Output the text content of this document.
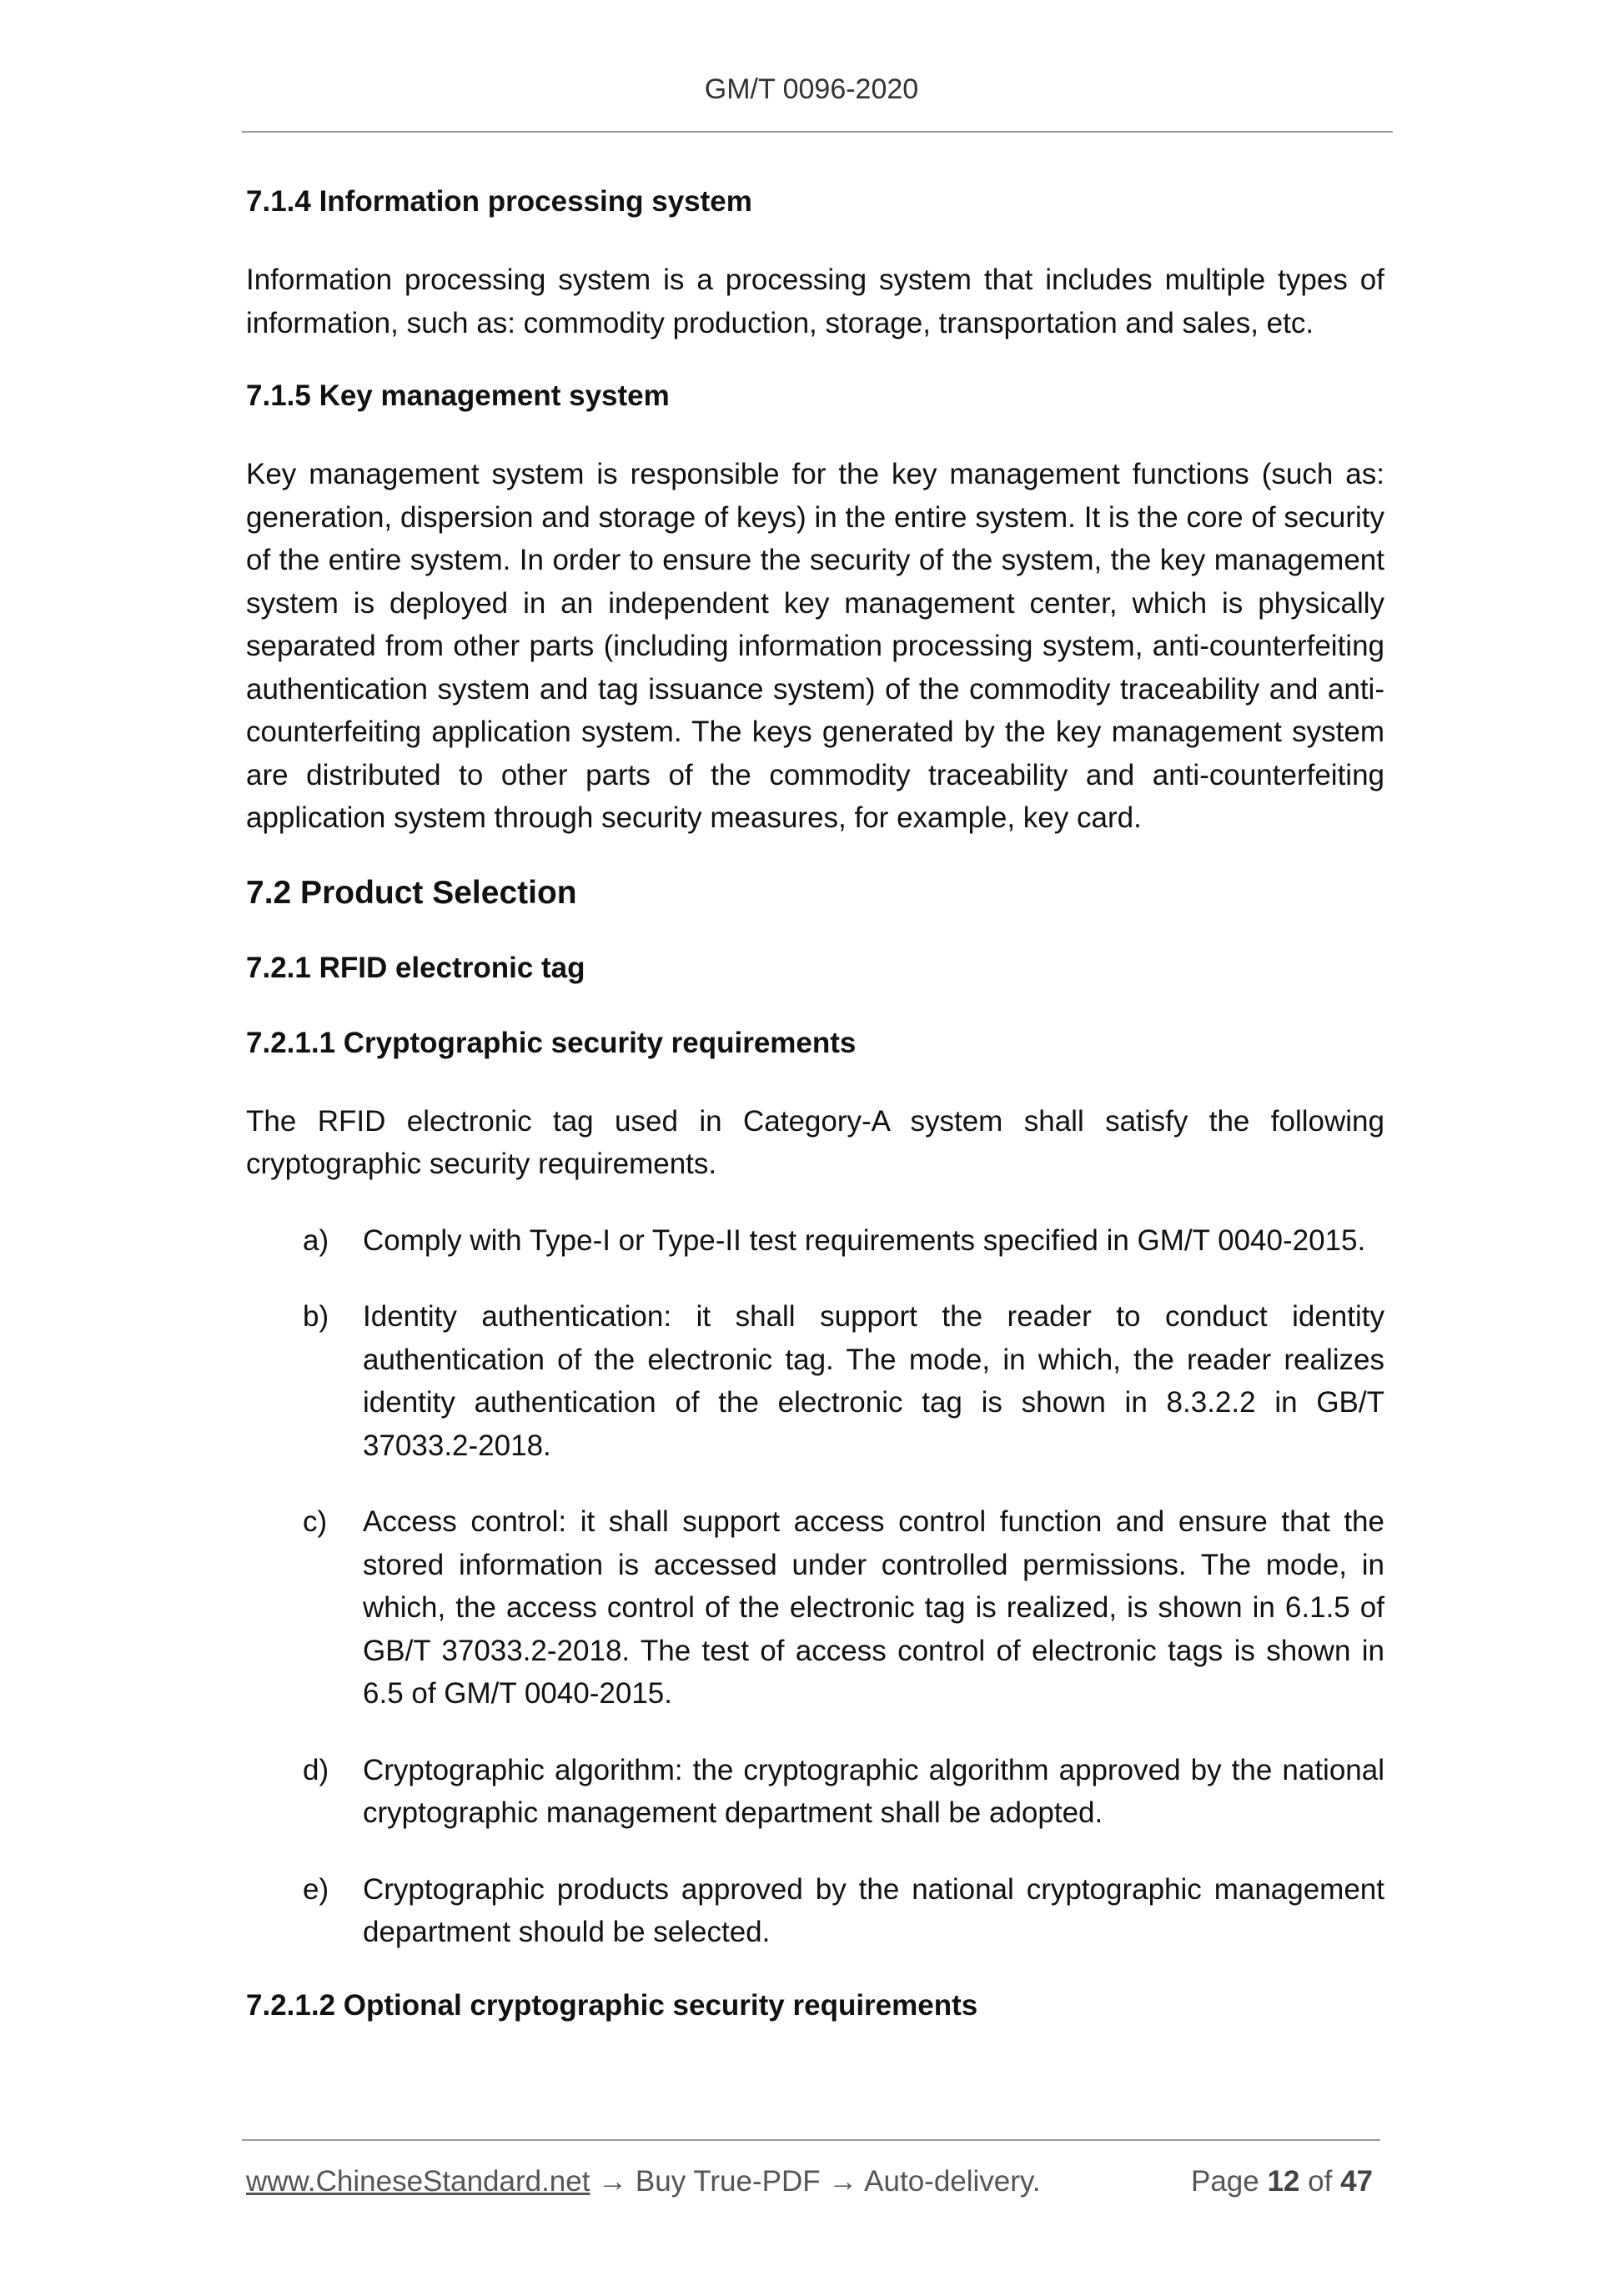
GM/T 0096-2020
7.1.4 Information processing system
Information processing system is a processing system that includes multiple types of information, such as: commodity production, storage, transportation and sales, etc.
7.1.5 Key management system
Key management system is responsible for the key management functions (such as: generation, dispersion and storage of keys) in the entire system. It is the core of security of the entire system. In order to ensure the security of the system, the key management system is deployed in an independent key management center, which is physically separated from other parts (including information processing system, anti-counterfeiting authentication system and tag issuance system) of the commodity traceability and anti-counterfeiting application system. The keys generated by the key management system are distributed to other parts of the commodity traceability and anti-counterfeiting application system through security measures, for example, key card.
7.2 Product Selection
7.2.1 RFID electronic tag
7.2.1.1 Cryptographic security requirements
The RFID electronic tag used in Category-A system shall satisfy the following cryptographic security requirements.
a) Comply with Type-I or Type-II test requirements specified in GM/T 0040-2015.
b) Identity authentication: it shall support the reader to conduct identity authentication of the electronic tag. The mode, in which, the reader realizes identity authentication of the electronic tag is shown in 8.3.2.2 in GB/T 37033.2-2018.
c) Access control: it shall support access control function and ensure that the stored information is accessed under controlled permissions. The mode, in which, the access control of the electronic tag is realized, is shown in 6.1.5 of GB/T 37033.2-2018. The test of access control of electronic tags is shown in 6.5 of GM/T 0040-2015.
d) Cryptographic algorithm: the cryptographic algorithm approved by the national cryptographic management department shall be adopted.
e) Cryptographic products approved by the national cryptographic management department should be selected.
7.2.1.2 Optional cryptographic security requirements
www.ChineseStandard.net → Buy True-PDF → Auto-delivery.	Page 12 of 47
